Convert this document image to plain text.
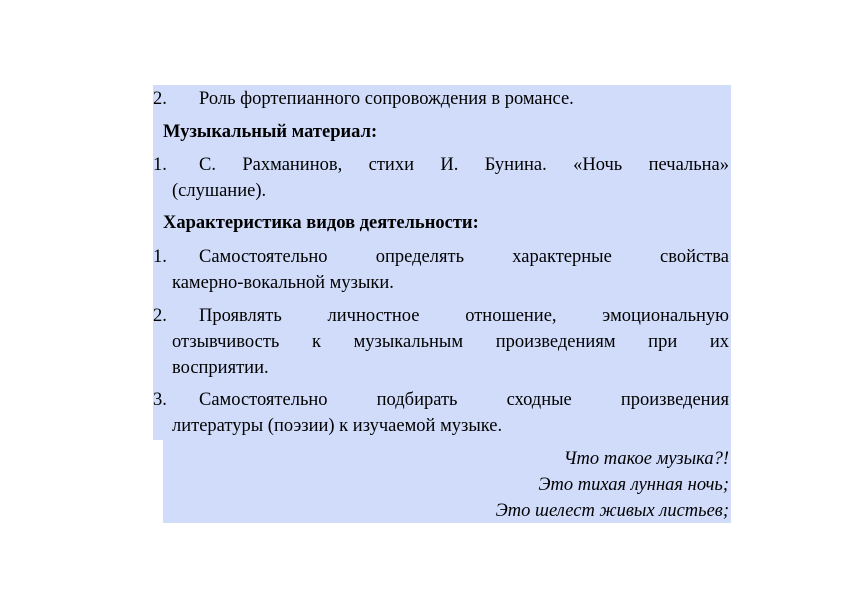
2. Роль фортепианного сопровождения в романсе.
Музыкальный материал:
1. С. Рахманинов, стихи И. Бунина. «Ночь печальна»
(слушание).
Характеристика видов деятельности:
1. Самостоятельно определять характерные свойства
камерно-вокальной музыки.
2. Проявлять личностное отношение, эмоциональную
отзывчивость к музыкальным произведениям при их
восприятии.
3. Самостоятельно подбирать сходные произведения
литературы (поэзии) к изучаемой музыке.
Что такое музыка?!
Это тихая лунная ночь;
Это шелест живых листьев;
